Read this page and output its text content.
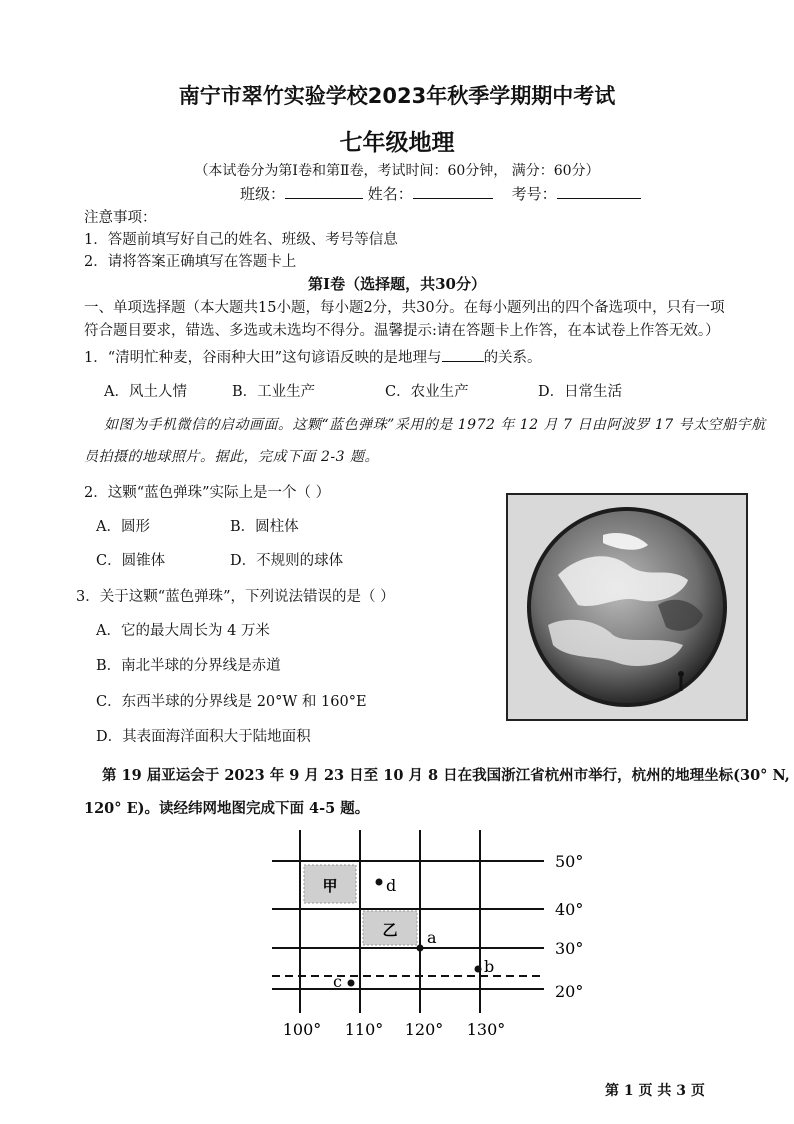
南宁市翠竹实验学校2023年秋季学期期中考试
七年级地理
（本试卷分为第Ⅰ卷和第Ⅱ卷，考试时间：60分钟， 满分：60分）
班级：	姓名：	考号：
注意事项：
1．答题前填写好自己的姓名、班级、考号等信息
2．请将答案正确填写在答题卡上
第Ⅰ卷（选择题，共30分）
一、单项选择题（本大题共15小题，每小题2分，共30分。在每小题列出的四个备选项中，只有一项
符合题目要求，错选、多选或未选均不得分。温馨提示:请在答题卡上作答，在本试卷上作答无效。）
1．“清明忙种麦，谷雨种大田”这句谚语反映的是地理与	的关系。
A．风土人情	B．工业生产	C．农业生产	D．日常生活
如图为手机微信的启动画面。这颗“蓝色弹珠”采用的是 1972 年 12 月 7 日由阿波罗 17 号太空船宇航
员拍摄的地球照片。据此，完成下面 2-3 题。
2．这颗“蓝色弹珠”实际上是一个（ ）
A．圆形	B．圆柱体
C．圆锥体	D．不规则的球体
3．关于这颗“蓝色弹珠”，下列说法错误的是（ ）
A．它的最大周长为 4 万米
B．南北半球的分界线是赤道
C．东西半球的分界线是 20°W 和 160°E
D．其表面海洋面积大于陆地面积
第 19 届亚运会于 2023 年 9 月 23 日至 10 月 8 日在我国浙江省杭州市举行，杭州的地理坐标(30° N,
120° E)。读经纬网地图完成下面 4-5 题。
甲
乙
d
a
b
c
50°
40°
30°
20°
100° 110° 120° 130°
第 1 页 共 3 页
